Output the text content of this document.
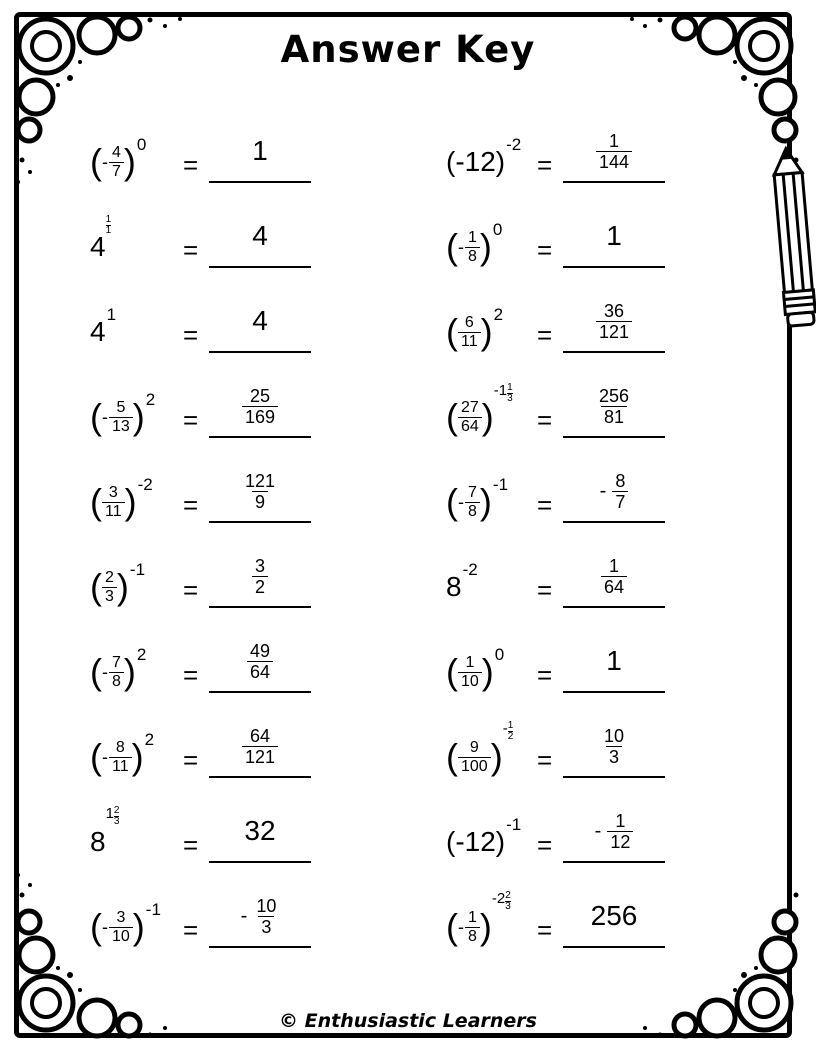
Answer Key
© Enthusiastic Learners
( - $\frac{4}{7}$ ) 0
= 1
4
1
1
= 4
4
1
= 4
( - $\frac{5}{13}$ ) 2
= $\frac{25}{169}$
( $\frac{3}{11}$ ) -2
= $\frac{121}{9}$
( $\frac{2}{3}$ ) -1
=	$\frac{3}{2}$
( - $\frac{7}{8}$ ) 2
=	$\frac{49}{64}$
( - $\frac{8}{11}$ ) 2
= $\frac{64}{121}$
8
1 2
3
= 32
( - $\frac{3}{10}$ ) -1
= - $\frac{10}{3}$
(-12)
-2
= $\frac{1}{144}$
( - $\frac{1}{8}$ ) 0
= 1
( $\frac{6}{11}$ ) 2
= $\frac{36}{121}$
( $\frac{27}{64}$ )
-1 1
3
= $\frac{256}{81}$
( - $\frac{7}{8}$ ) -1
= - $\frac{8}{7}$
8
-2
=	$\frac{1}{64}$
( $\frac{1}{10}$ ) 0
= 1
( $\frac{9}{100}$ )
- 1
2
=	$\frac{10}{3}$
(-12)
-1
= - $\frac{1}{12}$
( - $\frac{1}{8}$ )
-2 2
3
= 256
